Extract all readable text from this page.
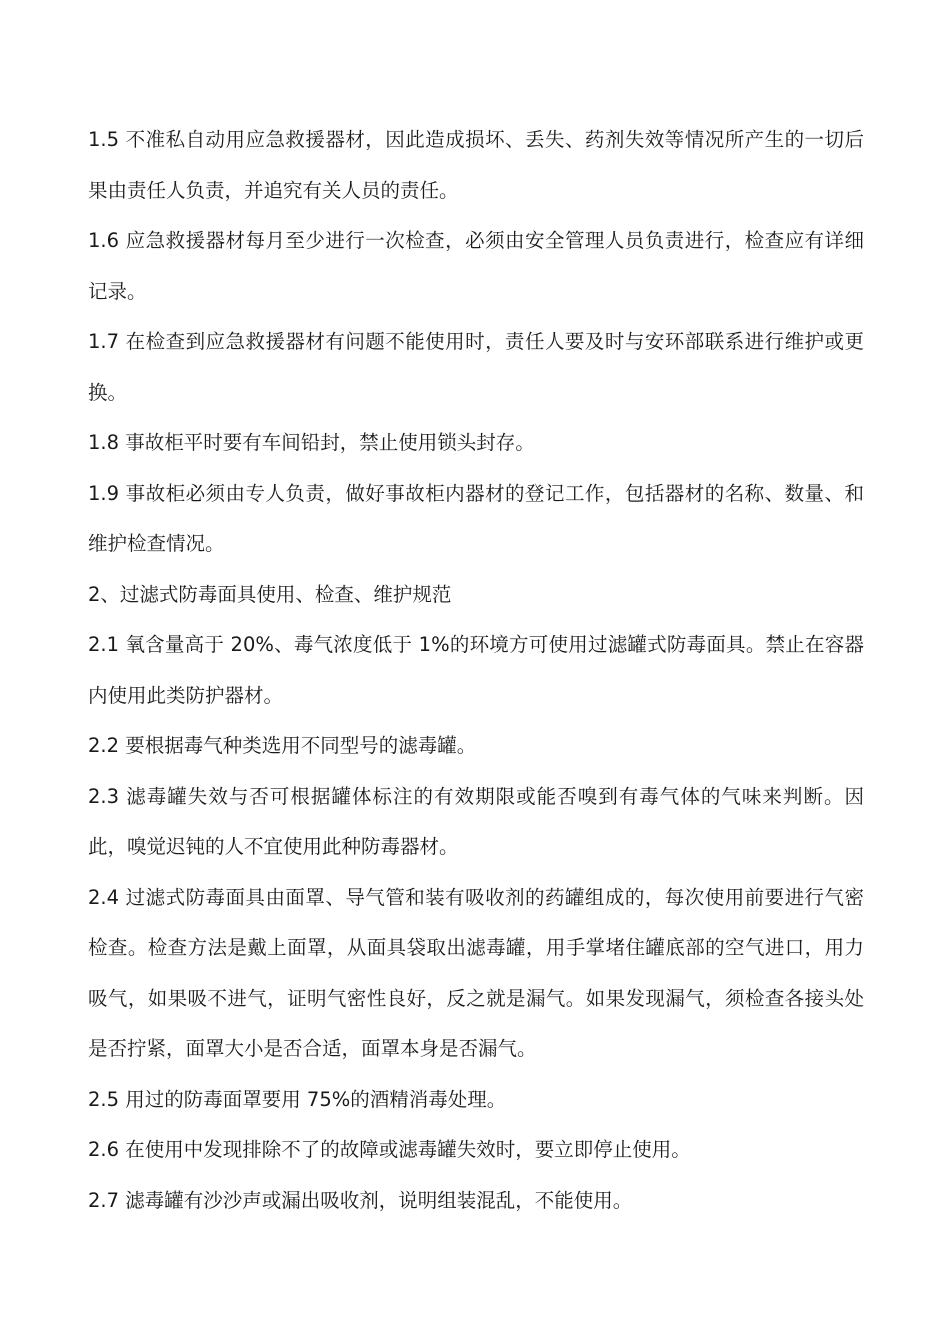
1.5 不准私自动用应急救援器材，因此造成损坏、丢失、药剂失效等情况所产生的一切后果由责任人负责，并追究有关人员的责任。

1.6 应急救援器材每月至少进行一次检查，必须由安全管理人员负责进行，检查应有详细记录。

1.7 在检查到应急救援器材有问题不能使用时，责任人要及时与安环部联系进行维护或更换。

1.8 事故柜平时要有车间铅封，禁止使用锁头封存。

1.9 事故柜必须由专人负责，做好事故柜内器材的登记工作，包括器材的名称、数量、和维护检查情况。

2、过滤式防毒面具使用、检查、维护规范

2.1 氧含量高于 20%、毒气浓度低于 1%的环境方可使用过滤罐式防毒面具。禁止在容器内使用此类防护器材。

2.2 要根据毒气种类选用不同型号的滤毒罐。

2.3 滤毒罐失效与否可根据罐体标注的有效期限或能否嗅到有毒气体的气味来判断。因此，嗅觉迟钝的人不宜使用此种防毒器材。

2.4 过滤式防毒面具由面罩、导气管和装有吸收剂的药罐组成的，每次使用前要进行气密检查。检查方法是戴上面罩，从面具袋取出滤毒罐，用手掌堵住罐底部的空气进口，用力吸气，如果吸不进气，证明气密性良好，反之就是漏气。如果发现漏气，须检查各接头处是否拧紧，面罩大小是否合适，面罩本身是否漏气。

2.5 用过的防毒面罩要用 75%的酒精消毒处理。

2.6 在使用中发现排除不了的故障或滤毒罐失效时，要立即停止使用。

2.7 滤毒罐有沙沙声或漏出吸收剂，说明组装混乱，不能使用。
